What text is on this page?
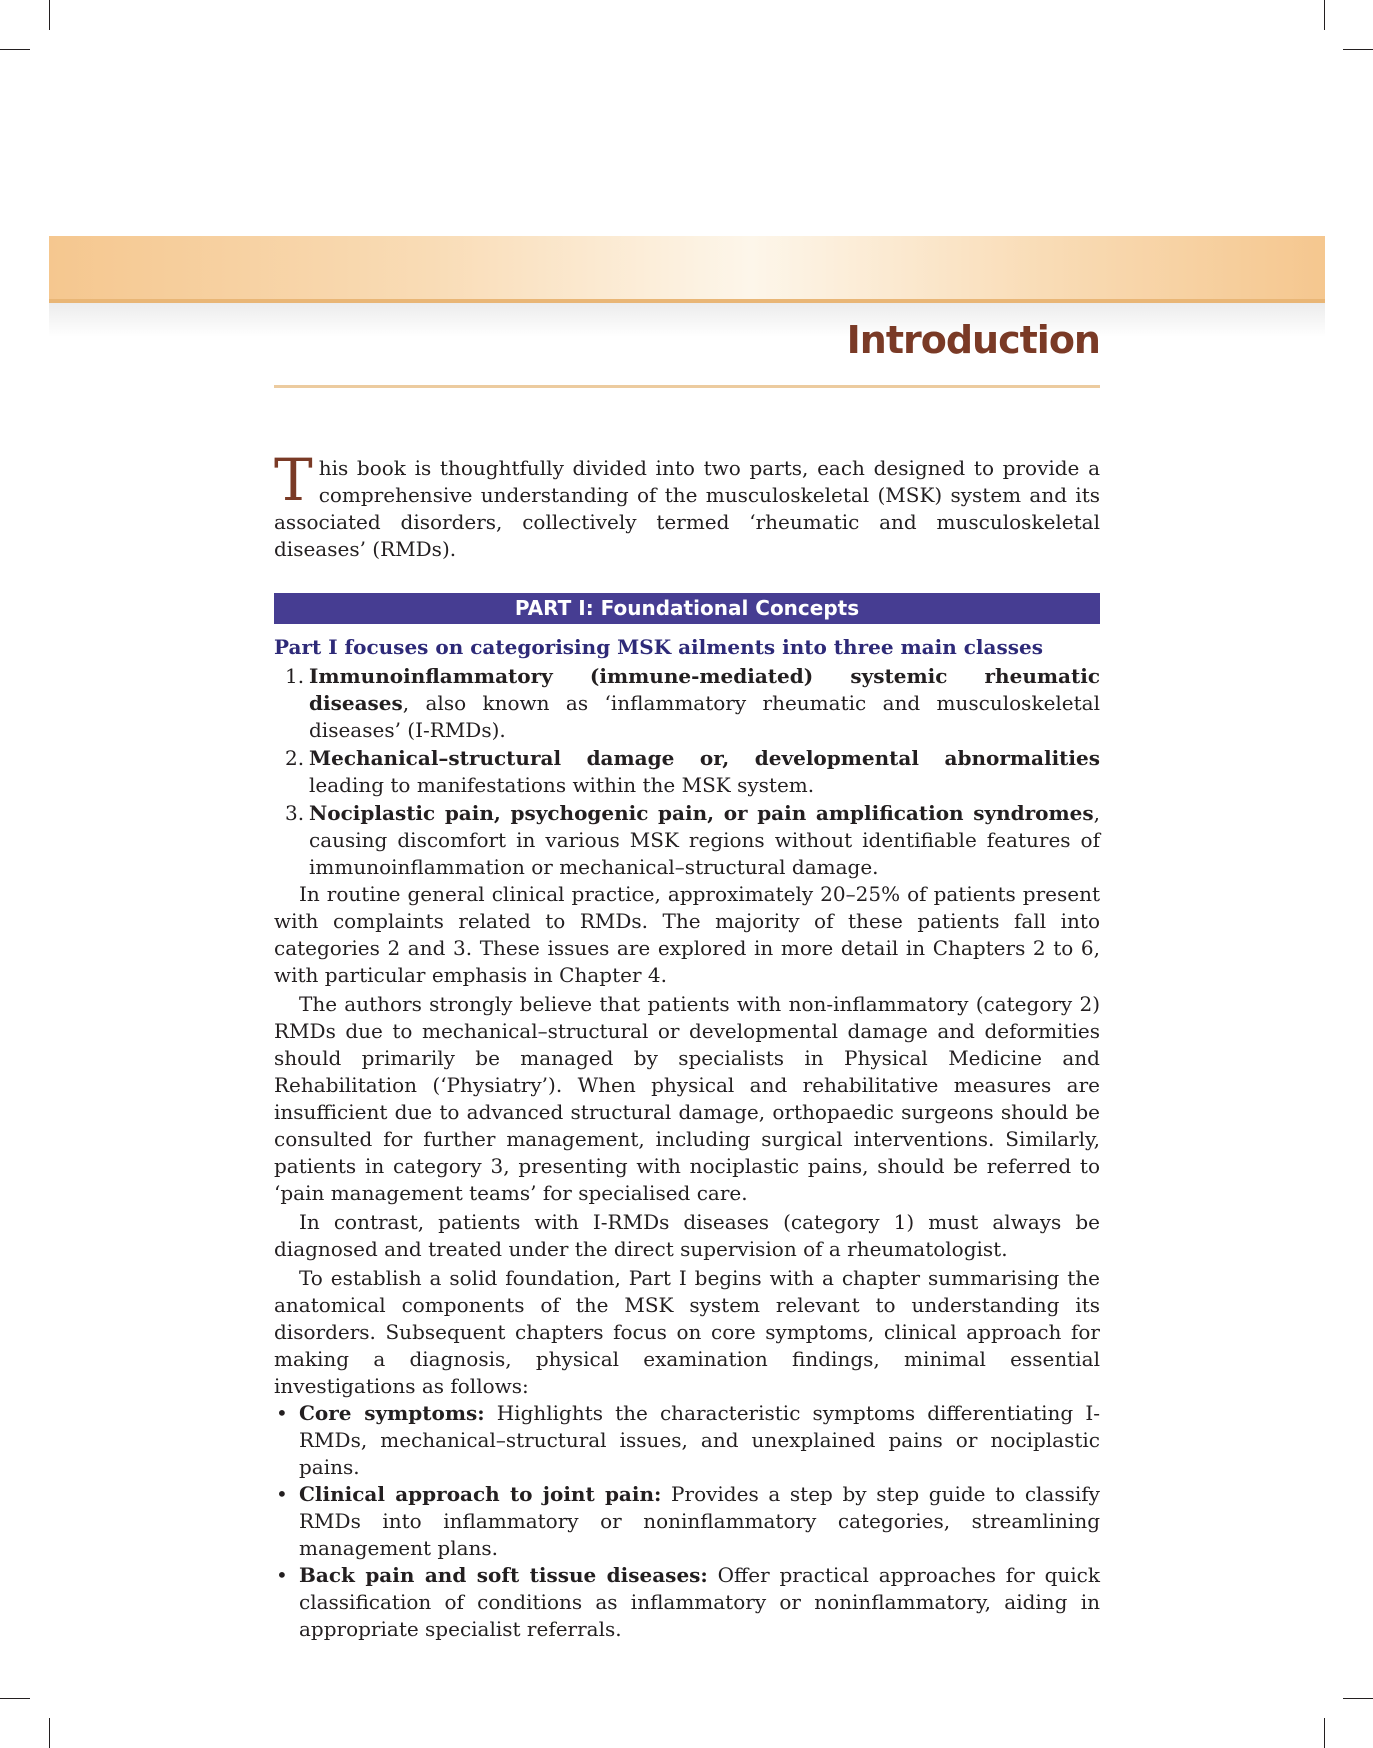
Introduction

This book is thoughtfully divided into two parts, each designed to provide a comprehensive understanding of the musculoskeletal (MSK) system and its associated disorders, collectively termed ‘rheumatic and musculoskeletal diseases’ (RMDs).

PART I: Foundational Concepts
Part I focuses on categorising MSK ailments into three main classes
1. Immunoinflammatory (immune-mediated) systemic rheumatic diseases, also known as ‘inflammatory rheumatic and musculoskeletal diseases’ (I-RMDs).
2. Mechanical–structural damage or, developmental abnormalities leading to manifestations within the MSK system.
3. Nociplastic pain, psychogenic pain, or pain amplification syndromes, causing discomfort in various MSK regions without identifiable features of immunoinflammation or mechanical–structural damage.

In routine general clinical practice, approximately 20–25% of patients present with complaints related to RMDs. The majority of these patients fall into categories 2 and 3. These issues are explored in more detail in Chapters 2 to 6, with particular emphasis in Chapter 4.

The authors strongly believe that patients with non-inflammatory (category 2) RMDs due to mechanical–structural or developmental damage and deformities should primarily be managed by specialists in Physical Medicine and Rehabilitation (‘Physiatry’). When physical and rehabilitative measures are insufficient due to advanced structural damage, orthopaedic surgeons should be consulted for further management, including surgical interventions. Similarly, patients in category 3, presenting with nociplastic pains, should be referred to ‘pain management teams’ for specialised care.

In contrast, patients with I-RMDs diseases (category 1) must always be diagnosed and treated under the direct supervision of a rheumatologist.

To establish a solid foundation, Part I begins with a chapter summarising the anatomical components of the MSK system relevant to understanding its disorders. Subsequent chapters focus on core symptoms, clinical approach for making a diagnosis, physical examination findings, minimal essential investigations as follows:

• Core symptoms: Highlights the characteristic symptoms differentiating I-RMDs, mechanical–structural issues, and unexplained pains or nociplastic pains.
• Clinical approach to joint pain: Provides a step by step guide to classify RMDs into inflammatory or noninflammatory categories, streamlining management plans.
• Back pain and soft tissue diseases: Offer practical approaches for quick classification of conditions as inflammatory or noninflammatory, aiding in appropriate specialist referrals.
